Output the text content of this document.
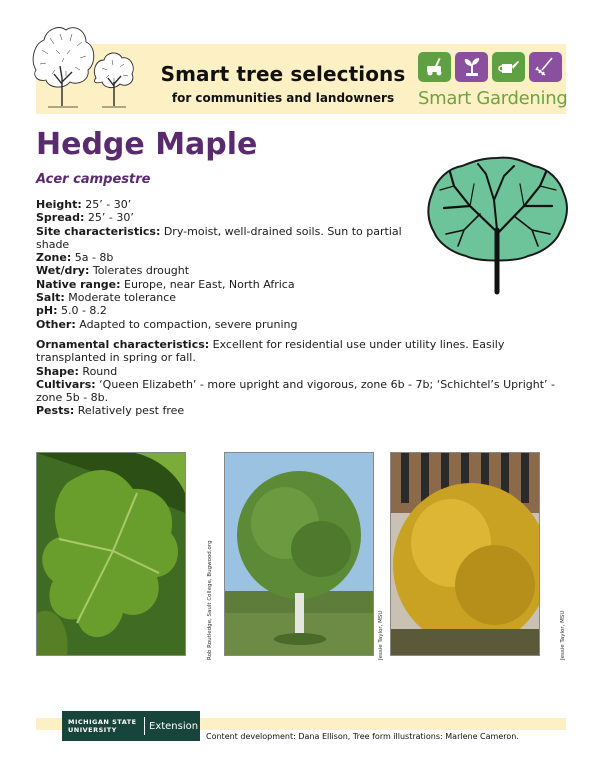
Smart tree selections
for communities and landowners	Smart Gardening
Hedge Maple
Acer campestre
Height: 25’ - 30’
Spread: 25’ - 30’
Site characteristics: Dry-moist, well-drained soils. Sun to partial shade
Zone: 5a - 8b
Wet/dry: Tolerates drought
Native range: Europe, near East, North Africa
Salt: Moderate tolerance
pH: 5.0 - 8.2
Other: Adapted to compaction, severe pruning
Ornamental characteristics: Excellent for residential use under utility lines. Easily transplanted in spring or fall.
Shape: Round
Cultivars: ‘Queen Elizabeth’ - more upright and vigorous, zone 6b - 7b; ‘Schichtel’s Upright’ - zone 5b - 8b.
Pests: Relatively pest free
Rob Routledge, Sault College, Bugwood.org	Jessie Taylor, MSU	Jessie Taylor, MSU
MICHIGAN STATE UNIVERSITY	Extension
Content development: Dana Ellison, Tree form illustrations: Marlene Cameron.
